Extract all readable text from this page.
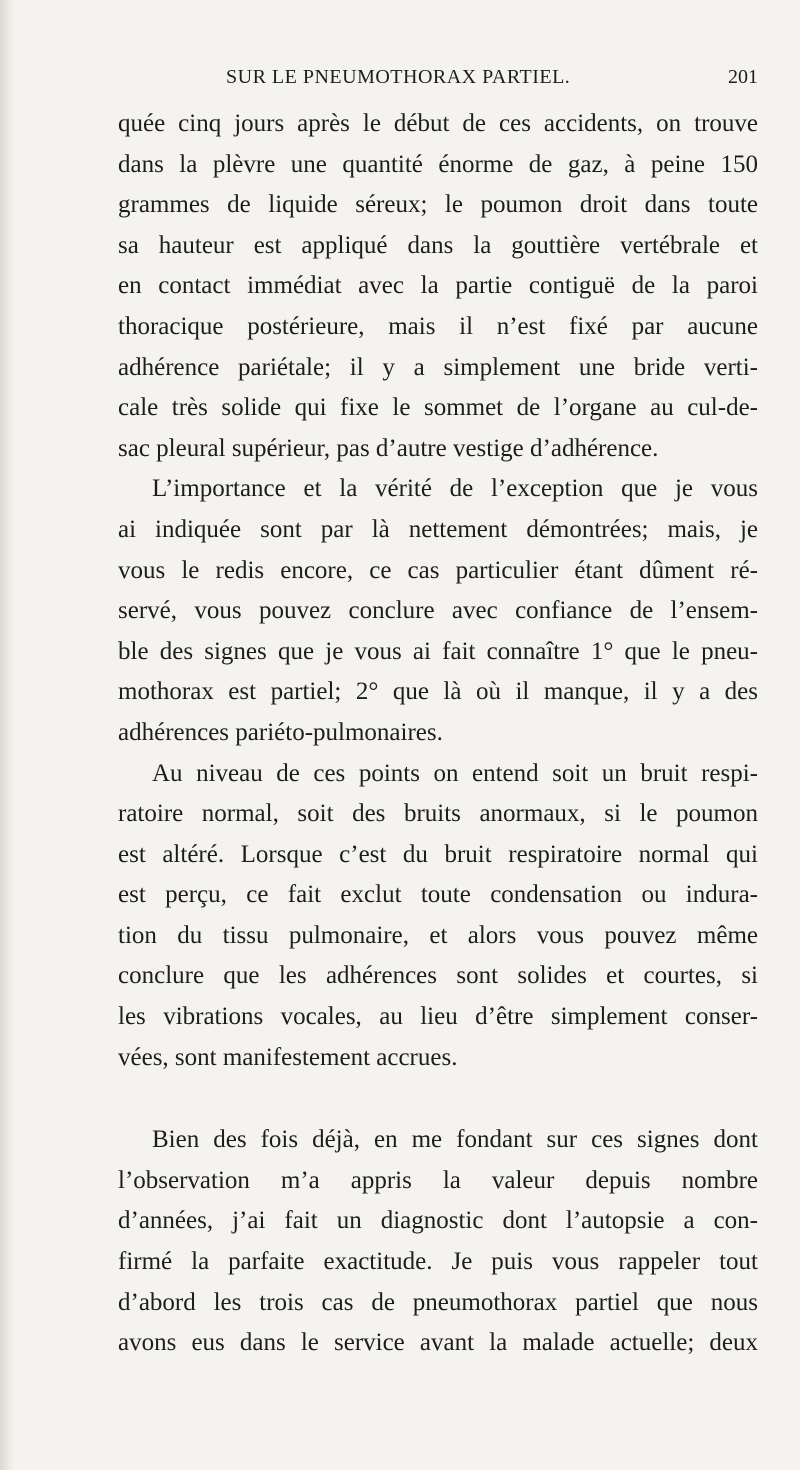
SUR LE PNEUMOTHORAX PARTIEL.	201
quée cinq jours après le début de ces accidents, on trouve
dans la plèvre une quantité énorme de gaz, à peine 150
grammes de liquide séreux; le poumon droit dans toute
sa hauteur est appliqué dans la gouttière vertébrale et
en contact immédiat avec la partie contiguë de la paroi
thoracique postérieure, mais il n’est fixé par aucune
adhérence pariétale; il y a simplement une bride verti-
cale très solide qui fixe le sommet de l’organe au cul-de-
sac pleural supérieur, pas d’autre vestige d’adhérence.
L’importance et la vérité de l’exception que je vous
ai indiquée sont par là nettement démontrées; mais, je
vous le redis encore, ce cas particulier étant dûment ré-
servé, vous pouvez conclure avec confiance de l’ensem-
ble des signes que je vous ai fait connaître 1° que le pneu-
mothorax est partiel; 2° que là où il manque, il y a des
adhérences pariéto-pulmonaires.
Au niveau de ces points on entend soit un bruit respi-
ratoire normal, soit des bruits anormaux, si le poumon
est altéré. Lorsque c’est du bruit respiratoire normal qui
est perçu, ce fait exclut toute condensation ou indura-
tion du tissu pulmonaire, et alors vous pouvez même
conclure que les adhérences sont solides et courtes, si
les vibrations vocales, au lieu d’être simplement conser-
vées, sont manifestement accrues.
Bien des fois déjà, en me fondant sur ces signes dont
l’observation m’a appris la valeur depuis nombre
d’années, j’ai fait un diagnostic dont l’autopsie a con-
firmé la parfaite exactitude. Je puis vous rappeler tout
d’abord les trois cas de pneumothorax partiel que nous
avons eus dans le service avant la malade actuelle; deux
